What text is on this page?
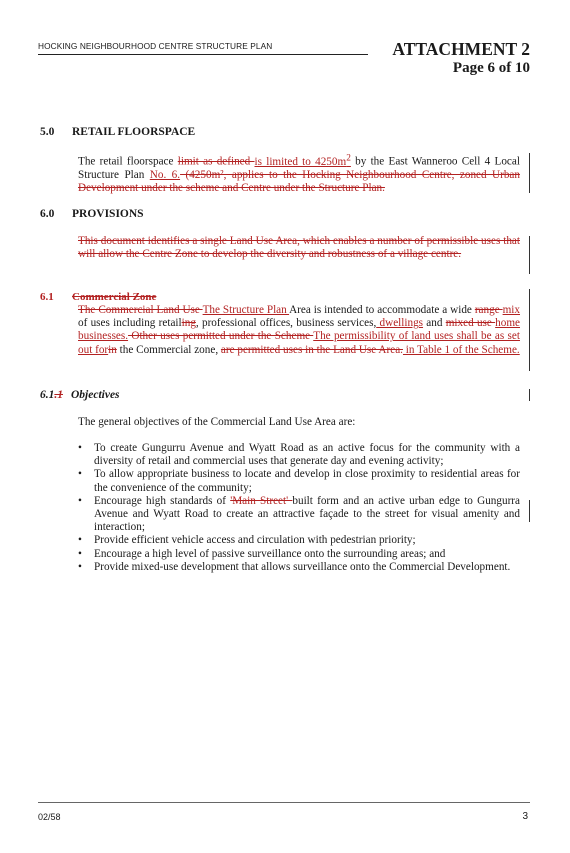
HOCKING NEIGHBOURHOOD CENTRE STRUCTURE PLAN	ATTACHMENT 2
Page 6 of 10
5.0 RETAIL FLOORSPACE
The retail floorspace limit as defined is limited to $4250m^2$ by the East Wanneroo Cell 4 Local Structure Plan No. 6. (4250m², applies to the Hocking Neighbourhood Centre, zoned Urban Development under the scheme and Centre under the Structure Plan.
6.0 PROVISIONS
This document identifies a single Land Use Area, which enables a number of permissible uses that will allow the Centre Zone to develop the diversity and robustness of a village centre.
6.1 Commercial Zone
The Commercial Land Use The Structure Plan Area is intended to accommodate a wide range mix of uses including retailing, professional offices, business services, dwellings and mixed use home businesses. Other uses permitted under the Scheme The permissibility of land uses shall be as set out forin the Commercial zone, are permitted uses in the Land Use Area. in Table 1 of the Scheme.
6.1.1 Objectives
The general objectives of the Commercial Land Use Area are:
• To create Gungurru Avenue and Wyatt Road as an active focus for the community with a diversity of retail and commercial uses that generate day and evening activity;
• To allow appropriate business to locate and develop in close proximity to residential areas for the convenience of the community;
• Encourage high standards of 'Main Street' built form and an active urban edge to Gungurra Avenue and Wyatt Road to create an attractive façade to the street for visual amenity and interaction;
• Provide efficient vehicle access and circulation with pedestrian priority;
• Encourage a high level of passive surveillance onto the surrounding areas; and
• Provide mixed-use development that allows surveillance onto the Commercial Development.
02/58	3
